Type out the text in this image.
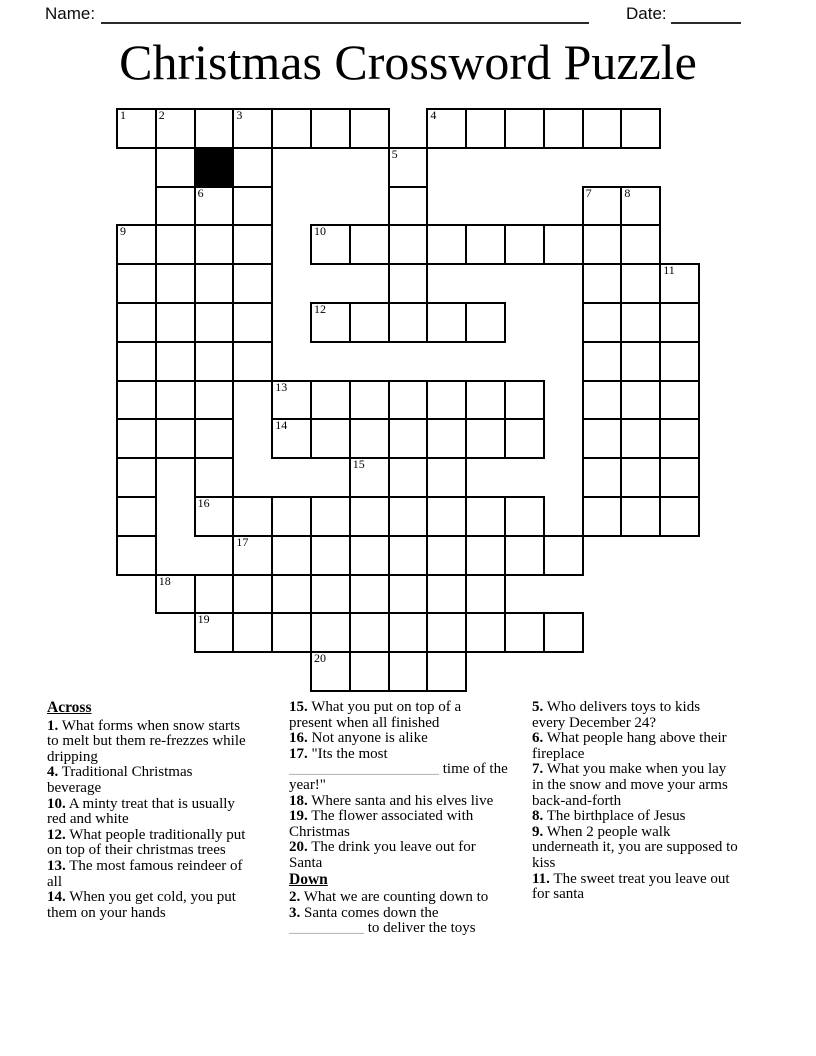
Name:	Date:
Christmas Crossword Puzzle
1	2	3	4
5
6	7	8
9	10
11
12
13
14
15
16
17
18
19
20
Across
1. What forms when snow starts
to melt but them re-frezzes while
dripping
4. Traditional Christmas
beverage
10. A minty treat that is usually
red and white
12. What people traditionally put
on top of their christmas trees
13. The most famous reindeer of
all
14. When you get cold, you put
them on your hands
15. What you put on top of a
present when all finished
16. Not anyone is alike
17. "Its the most
____________________ time of the
year!"
18. Where santa and his elves live
19. The flower associated with
Christmas
20. The drink you leave out for
Santa
Down
2. What we are counting down to
3. Santa comes down the
__________ to deliver the toys
5. Who delivers toys to kids
every December 24?
6. What people hang above their
fireplace
7. What you make when you lay
in the snow and move your arms
back-and-forth
8. The birthplace of Jesus
9. When 2 people walk
underneath it, you are supposed to
kiss
11. The sweet treat you leave out
for santa
